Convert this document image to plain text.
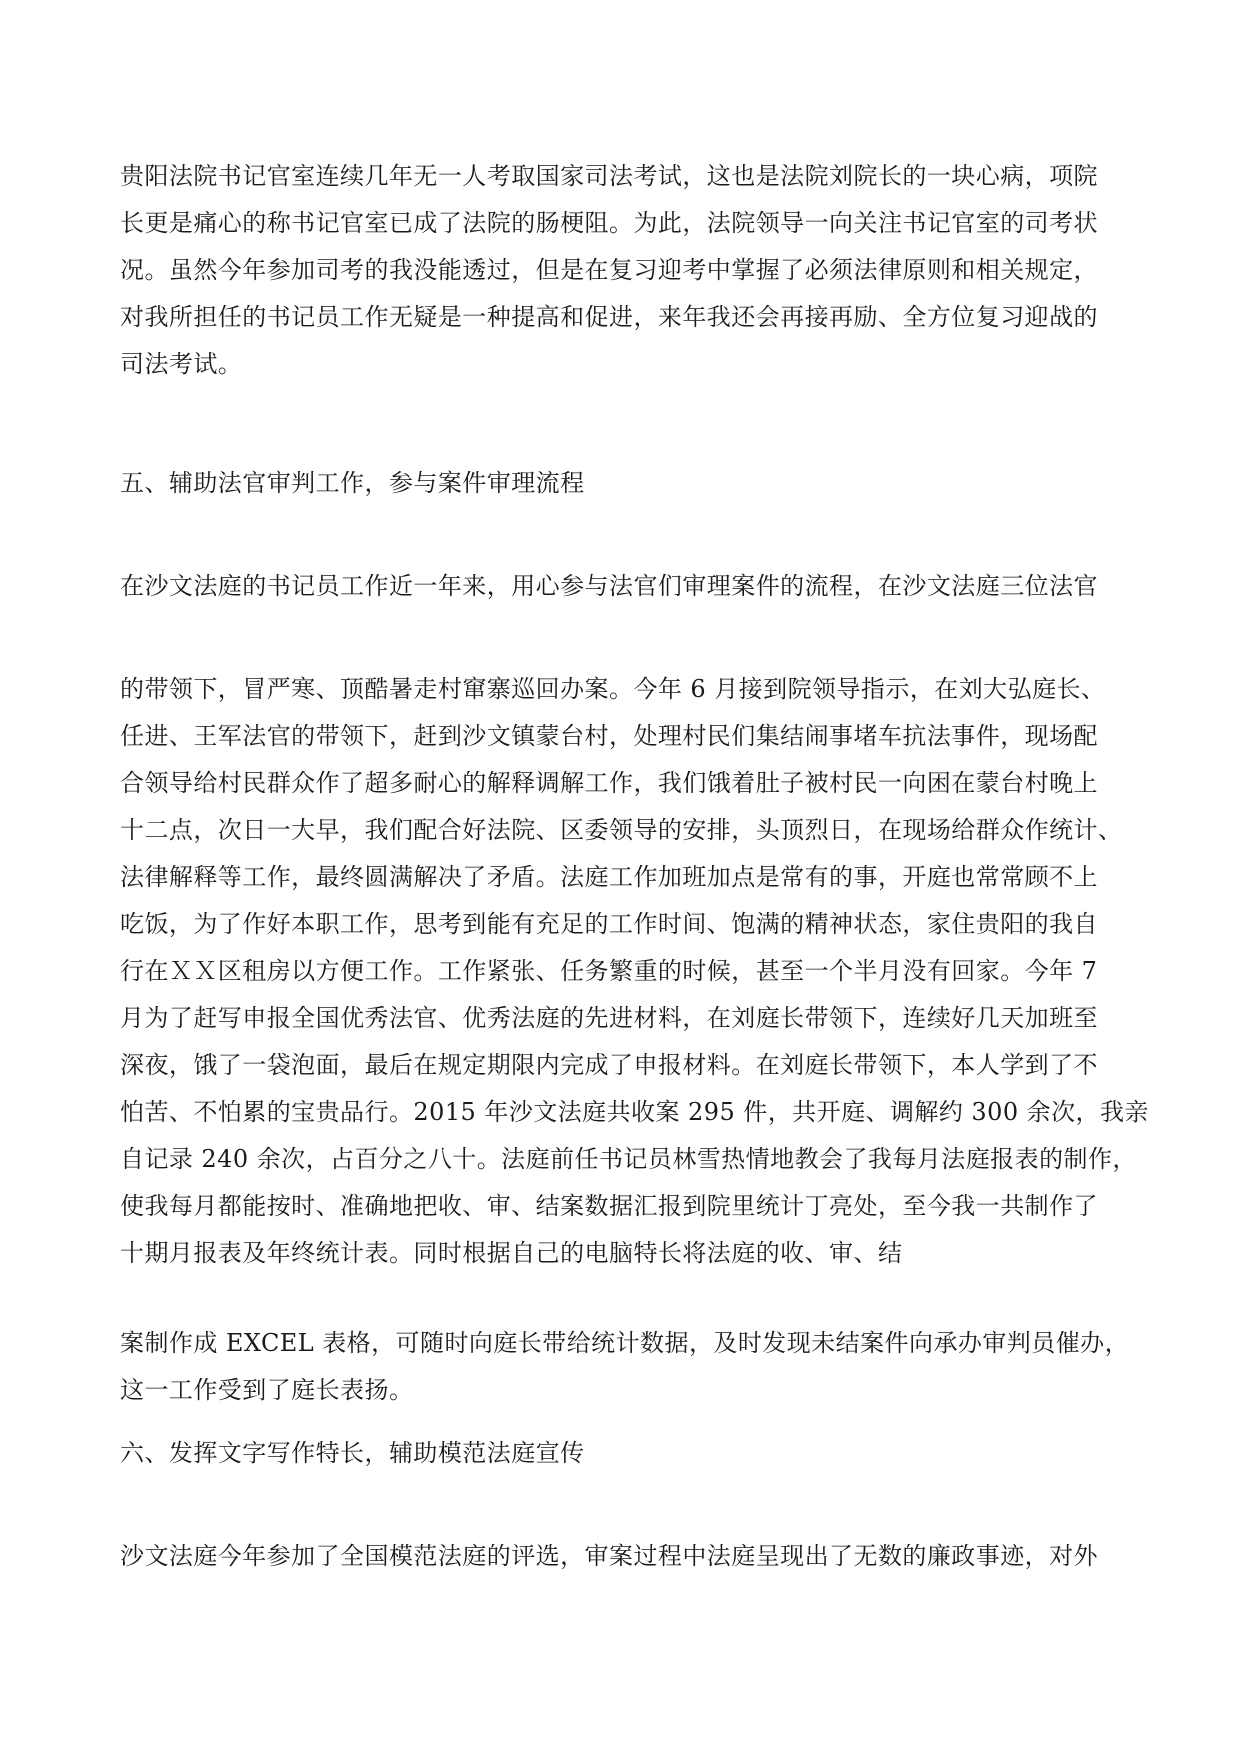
贵阳法院书记官室连续几年无一人考取国家司法考试，这也是法院刘院长的一块心病，项院
长更是痛心的称书记官室已成了法院的肠梗阻。为此，法院领导一向关注书记官室的司考状
况。虽然今年参加司考的我没能透过，但是在复习迎考中掌握了必须法律原则和相关规定，
对我所担任的书记员工作无疑是一种提高和促进，来年我还会再接再励、全方位复习迎战的
司法考试。
五、辅助法官审判工作，参与案件审理流程
在沙文法庭的书记员工作近一年来，用心参与法官们审理案件的流程，在沙文法庭三位法官
的带领下，冒严寒、顶酷暑走村窜寨巡回办案。今年 6 月接到院领导指示，在刘大弘庭长、
任进、王军法官的带领下，赶到沙文镇蒙台村，处理村民们集结闹事堵车抗法事件，现场配
合领导给村民群众作了超多耐心的解释调解工作，我们饿着肚子被村民一向困在蒙台村晚上
十二点，次日一大早，我们配合好法院、区委领导的安排，头顶烈日，在现场给群众作统计、
法律解释等工作，最终圆满解决了矛盾。法庭工作加班加点是常有的事，开庭也常常顾不上
吃饭，为了作好本职工作，思考到能有充足的工作时间、饱满的精神状态，家住贵阳的我自
行在ＸＸ区租房以方便工作。工作紧张、任务繁重的时候，甚至一个半月没有回家。今年 7
月为了赶写申报全国优秀法官、优秀法庭的先进材料，在刘庭长带领下，连续好几天加班至
深夜，饿了一袋泡面，最后在规定期限内完成了申报材料。在刘庭长带领下，本人学到了不
怕苦、不怕累的宝贵品行。2015 年沙文法庭共收案 295 件，共开庭、调解约 300 余次，我亲
自记录 240 余次，占百分之八十。法庭前任书记员林雪热情地教会了我每月法庭报表的制作，
使我每月都能按时、准确地把收、审、结案数据汇报到院里统计丁亮处，至今我一共制作了
十期月报表及年终统计表。同时根据自己的电脑特长将法庭的收、审、结
案制作成 EXCEL 表格，可随时向庭长带给统计数据，及时发现未结案件向承办审判员催办，
这一工作受到了庭长表扬。
六、发挥文字写作特长，辅助模范法庭宣传
沙文法庭今年参加了全国模范法庭的评选，审案过程中法庭呈现出了无数的廉政事迹，对外
